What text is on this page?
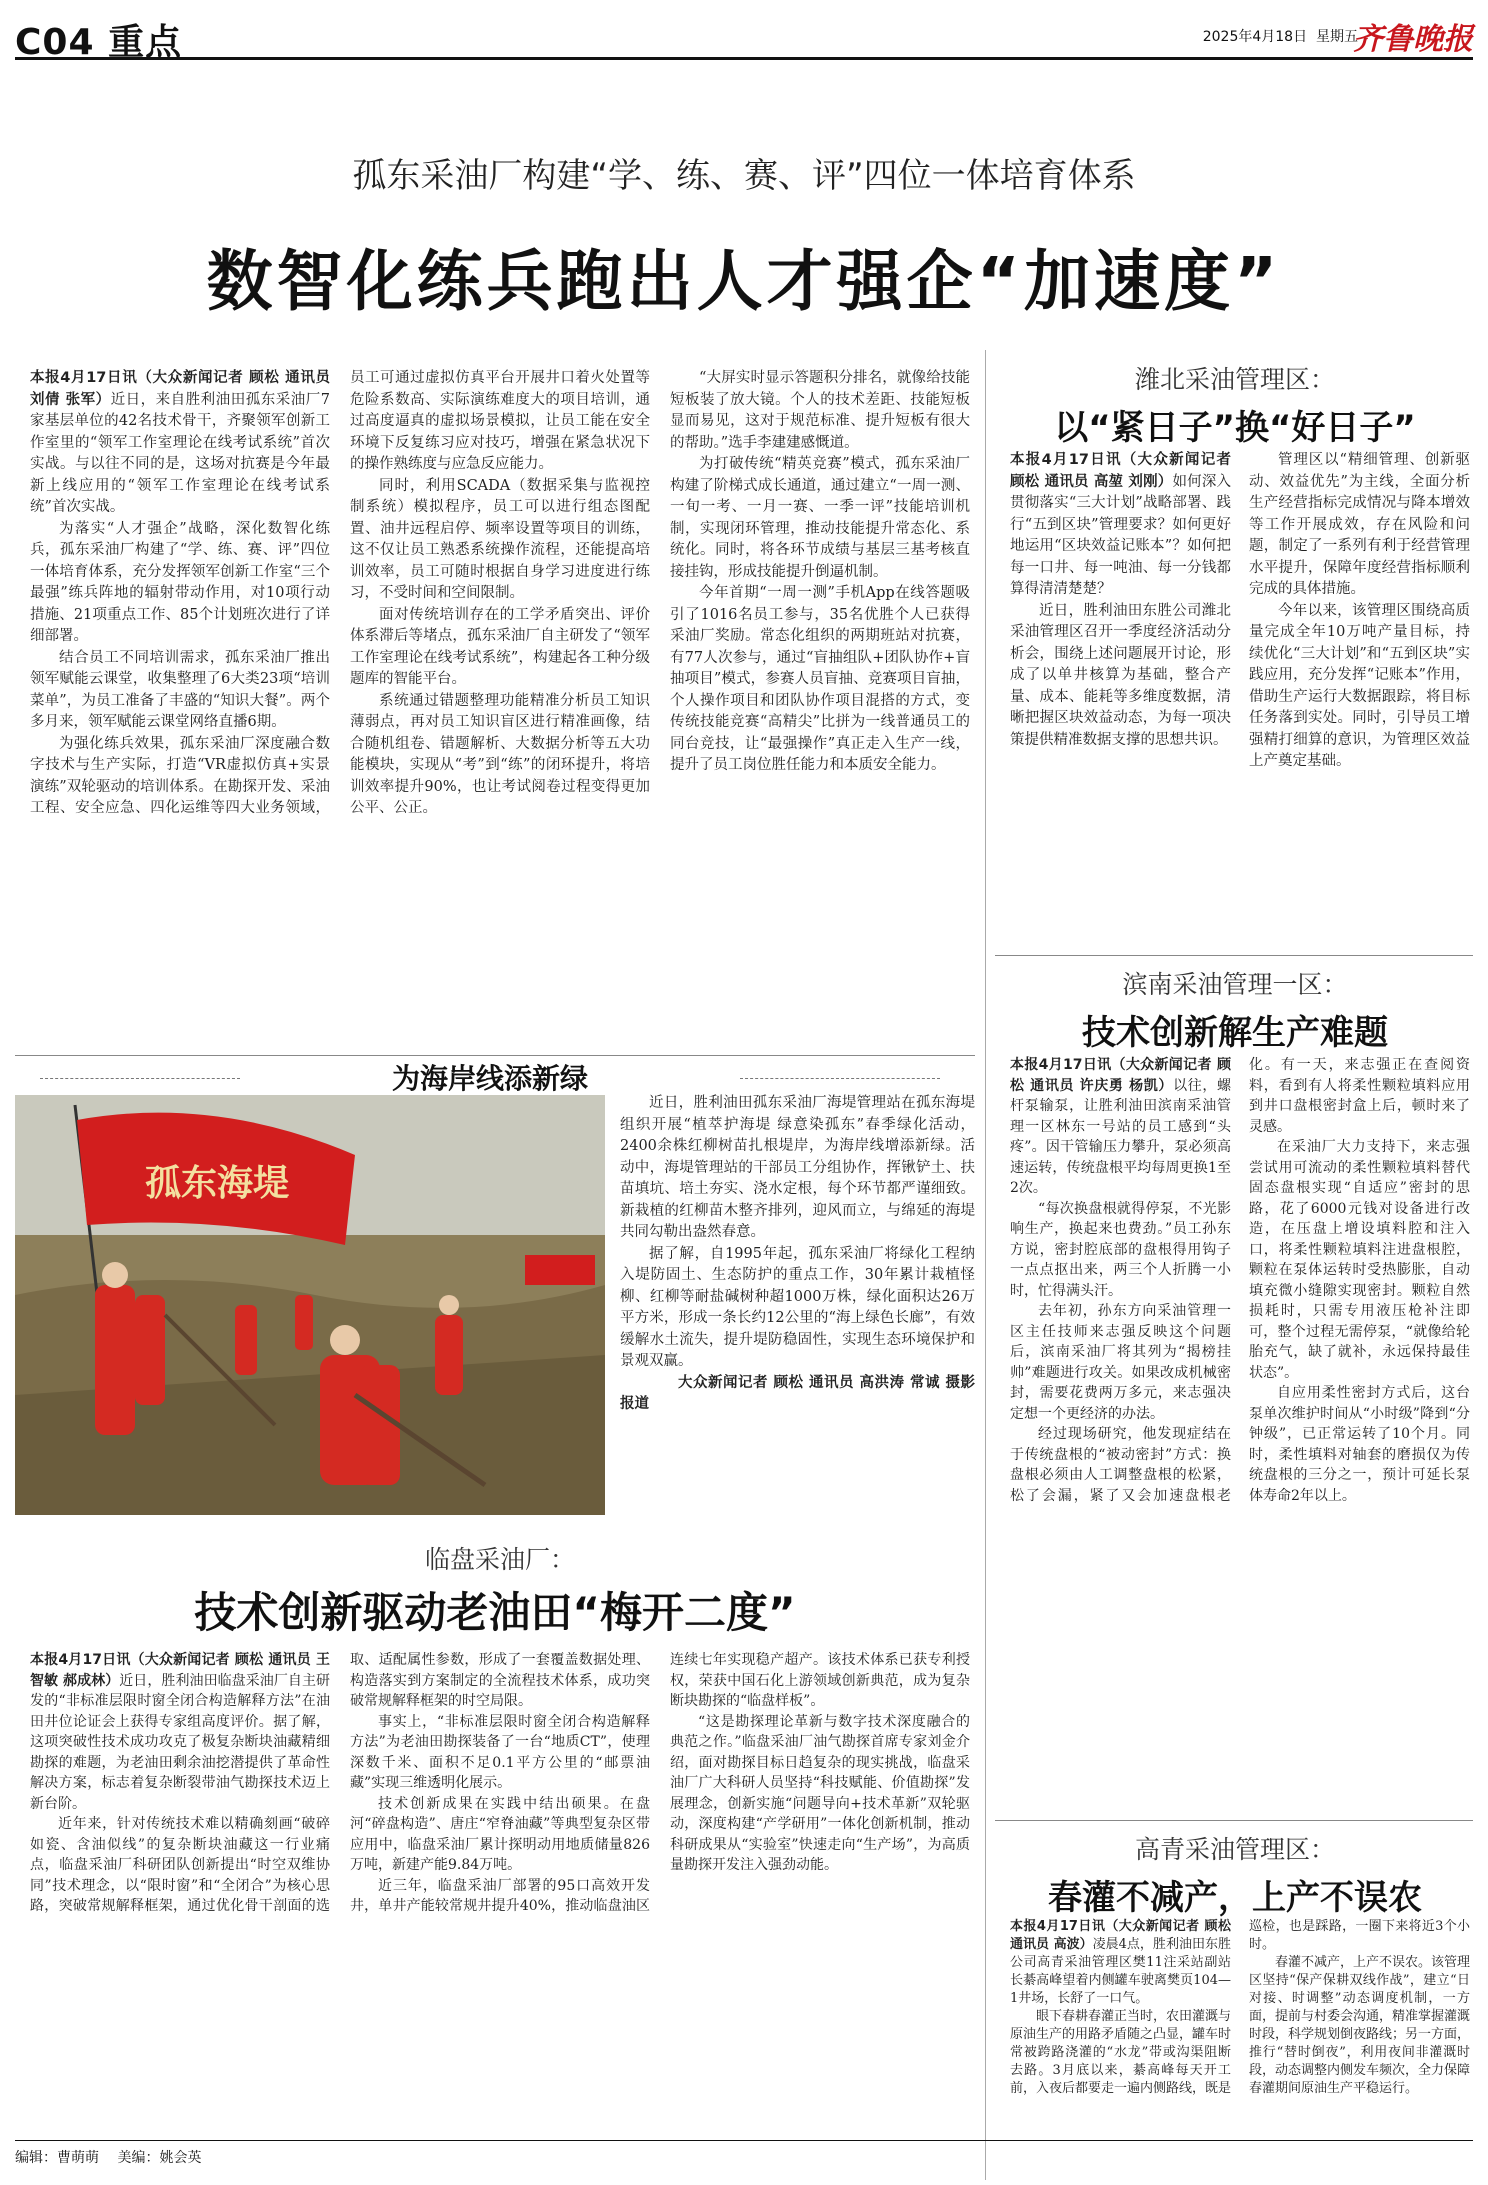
C04 重点	2025年4月18日 星期五
齐鲁晚报
孤东采油厂构建“学、练、赛、评”四位一体培育体系
数智化练兵跑出人才强企“加速度”

本报4月17日讯（大众新闻记者 顾松 通讯员 刘倩 张军）近日，来自胜利油田孤东采油厂7家基层单位的42名技术骨干，齐聚领军创新工作室里的“领军工作室理论在线考试系统”首次实战。与以往不同的是，这场对抗赛是今年最新上线应用的“领军工作室理论在线考试系统”首次实战。

为落实“人才强企”战略，深化数智化练兵，孤东采油厂构建了“学、练、赛、评”四位一体培育体系，充分发挥领军创新工作室“三个最强”练兵阵地的辐射带动作用，对10项行动措施、21项重点工作、85个计划班次进行了详细部署。

结合员工不同培训需求，孤东采油厂推出领军赋能云课堂，收集整理了6大类23项“培训菜单”，为员工准备了丰盛的“知识大餐”。两个多月来，领军赋能云课堂网络直播6期。

为强化练兵效果，孤东采油厂深度融合数字技术与生产实际，打造“VR虚拟仿真+实景演练”双轮驱动的培训体系。在勘探开发、采油工程、安全应急、四化运维等四大业务领域，员工可通过虚拟仿真平台开展井口着火处置等危险系数高、实际演练难度大的项目培训，通过高度逼真的虚拟场景模拟，让员工能在安全环境下反复练习应对技巧，增强在紧急状况下的操作熟练度与应急反应能力。

同时，利用SCADA（数据采集与监视控制系统）模拟程序，员工可以进行组态图配置、油井远程启停、频率设置等项目的训练，这不仅让员工熟悉系统操作流程，还能提高培训效率，员工可随时根据自身学习进度进行练习，不受时间和空间限制。

面对传统培训存在的工学矛盾突出、评价体系滞后等堵点，孤东采油厂自主研发了“领军工作室理论在线考试系统”，构建起各工种分级题库的智能平台。

系统通过错题整理功能精准分析员工知识薄弱点，再对员工知识盲区进行精准画像，结合随机组卷、错题解析、大数据分析等五大功能模块，实现从“考”到“练”的闭环提升，将培训效率提升90%，也让考试阅卷过程变得更加公平、公正。

“大屏实时显示答题积分排名，就像给技能短板装了放大镜。个人的技术差距、技能短板显而易见，这对于规范标准、提升短板有很大的帮助。”选手李建建感慨道。

为打破传统“精英竞赛”模式，孤东采油厂构建了阶梯式成长通道，通过建立“一周一测、一旬一考、一月一赛、一季一评”技能培训机制，实现闭环管理，推动技能提升常态化、系统化。同时，将各环节成绩与基层三基考核直接挂钩，形成技能提升倒逼机制。

今年首期“一周一测”手机App在线答题吸引了1016名员工参与，35名优胜个人已获得采油厂奖励。常态化组织的两期班站对抗赛，有77人次参与，通过“盲抽组队+团队协作+盲抽项目”模式，参赛人员盲抽、竞赛项目盲抽，个人操作项目和团队协作项目混搭的方式，变传统技能竞赛“高精尖”比拼为一线普通员工的同台竞技，让“最强操作”真正走入生产一线，提升了员工岗位胜任能力和本质安全能力。

为海岸线添新绿
孤东海堤

近日，胜利油田孤东采油厂海堤管理站在孤东海堤组织开展“植萃护海堤 绿意染孤东”春季绿化活动，2400余株红柳树苗扎根堤岸，为海岸线增添新绿。活动中，海堤管理站的干部员工分组协作，挥锹铲土、扶苗填坑、培土夯实、浇水定根，每个环节都严谨细致。新栽植的红柳苗木整齐排列，迎风而立，与绵延的海堤共同勾勒出盎然春意。

据了解，自1995年起，孤东采油厂将绿化工程纳入堤防固土、生态防护的重点工作，30年累计栽植怪柳、红柳等耐盐碱树种超1000万株，绿化面积达26万平方米，形成一条长约12公里的“海上绿色长廊”，有效缓解水土流失，提升堤防稳固性，实现生态环境保护和景观双赢。

大众新闻记者 顾松 通讯员 高洪涛 常诚 摄影报道

临盘采油厂：
技术创新驱动老油田“梅开二度”

本报4月17日讯（大众新闻记者 顾松 通讯员 王智敏 郝成林）近日，胜利油田临盘采油厂自主研发的“非标准层限时窗全闭合构造解释方法”在油田井位论证会上获得专家组高度评价。据了解，这项突破性技术成功攻克了极复杂断块油藏精细勘探的难题，为老油田剩余油挖潜提供了革命性解决方案，标志着复杂断裂带油气勘探技术迈上新台阶。

近年来，针对传统技术难以精确刻画“破碎如瓷、含油似线”的复杂断块油藏这一行业痛点，临盘采油厂科研团队创新提出“时空双维协同”技术理念，以“限时窗”和“全闭合”为核心思路，突破常规解释框架，通过优化骨干剖面的选取、适配属性参数，形成了一套覆盖数据处理、构造落实到方案制定的全流程技术体系，成功突破常规解释框架的时空局限。

事实上，“非标准层限时窗全闭合构造解释方法”为老油田勘探装备了一台“地质CT”，使理深数千米、面积不足0.1平方公里的“邮票油藏”实现三维透明化展示。

技术创新成果在实践中结出硕果。在盘河“碎盘构造”、唐庄“窄脊油藏”等典型复杂区带应用中，临盘采油厂累计探明动用地质储量826万吨，新建产能9.84万吨。

近三年，临盘采油厂部署的95口高效开发井，单井产能较常规井提升40%，推动临盘油区连续七年实现稳产超产。该技术体系已获专利授权，荣获中国石化上游领域创新典范，成为复杂断块勘探的“临盘样板”。

“这是勘探理论革新与数字技术深度融合的典范之作。”临盘采油厂油气勘探首席专家刘金介绍，面对勘探目标日趋复杂的现实挑战，临盘采油厂广大科研人员坚持“科技赋能、价值勘探”发展理念，创新实施“问题导向+技术革新”双轮驱动，深度构建“产学研用”一体化创新机制，推动科研成果从“实验室”快速走向“生产场”，为高质量勘探开发注入强劲动能。

潍北采油管理区：
以“紧日子”换“好日子”

本报4月17日讯（大众新闻记者 顾松 通讯员 高堃 刘刚）如何深入贯彻落实“三大计划”战略部署、践行“五到区块”管理要求？如何更好地运用“区块效益记账本”？如何把每一口井、每一吨油、每一分钱都算得清清楚楚？

近日，胜利油田东胜公司潍北采油管理区召开一季度经济活动分析会，围绕上述问题展开讨论，形成了以单井核算为基础，整合产量、成本、能耗等多维度数据，清晰把握区块效益动态，为每一项决策提供精准数据支撑的思想共识。

管理区以“精细管理、创新驱动、效益优先”为主线，全面分析生产经营指标完成情况与降本增效等工作开展成效，存在风险和问题，制定了一系列有利于经营管理水平提升，保障年度经营指标顺利完成的具体措施。

今年以来，该管理区围绕高质量完成全年10万吨产量目标，持续优化“三大计划”和“五到区块”实践应用，充分发挥“记账本”作用，借助生产运行大数据跟踪，将目标任务落到实处。同时，引导员工增强精打细算的意识，为管理区效益上产奠定基础。

滨南采油管理一区：
技术创新解生产难题

本报4月17日讯（大众新闻记者 顾松 通讯员 许庆勇 杨凯）以往，螺杆泵输泵，让胜利油田滨南采油管理一区林东一号站的员工感到“头疼”。因干管输压力攀升，泵必须高速运转，传统盘根平均每周更换1至2次。

“每次换盘根就得停泵，不光影响生产，换起来也费劲。”员工孙东方说，密封腔底部的盘根得用钩子一点点抠出来，两三个人折腾一小时，忙得满头汗。

去年初，孙东方向采油管理一区主任技师来志强反映这个问题后，滨南采油厂将其列为“揭榜挂帅”难题进行攻关。如果改成机械密封，需要花费两万多元，来志强决定想一个更经济的办法。

经过现场研究，他发现症结在于传统盘根的“被动密封”方式：换盘根必须由人工调整盘根的松紧，松了会漏，紧了又会加速盘根老化。有一天，来志强正在查阅资料，看到有人将柔性颗粒填料应用到井口盘根密封盒上后，顿时来了灵感。

在采油厂大力支持下，来志强尝试用可流动的柔性颗粒填料替代固态盘根实现“自适应”密封的思路，花了6000元钱对设备进行改造，在压盘上增设填料腔和注入口，将柔性颗粒填料注进盘根腔，颗粒在泵体运转时受热膨胀，自动填充微小缝隙实现密封。颗粒自然损耗时，只需专用液压枪补注即可，整个过程无需停泵，“就像给轮胎充气，缺了就补，永远保持最佳状态”。

自应用柔性密封方式后，这台泵单次维护时间从“小时级”降到“分钟级”，已正常运转了10个月。同时，柔性填料对轴套的磨损仅为传统盘根的三分之一，预计可延长泵体寿命2年以上。

高青采油管理区：
春灌不减产，上产不误农

本报4月17日讯（大众新闻记者 顾松 通讯员 高波）凌晨4点，胜利油田东胜公司高青采油管理区樊11注采站副站长綦高峰望着内侧罐车驶离樊页104—1井场，长舒了一口气。

眼下春耕春灌正当时，农田灌溉与原油生产的用路矛盾随之凸显，罐车时常被跨路浇灌的“水龙”带或沟渠阻断去路。3月底以来，綦高峰每天开工前，入夜后都要走一遍内侧路线，既是巡检，也是踩路，一圈下来将近3个小时。

春灌不减产，上产不误农。该管理区坚持“保产保耕双线作战”，建立“日对接、时调整”动态调度机制，一方面，提前与村委会沟通，精准掌握灌溉时段，科学规划倒夜路线；另一方面，推行“替时倒夜”，利用夜间非灌溉时段，动态调整内侧发车频次，全力保障春灌期间原油生产平稳运行。

编辑：曹萌萌 美编：姚会英
